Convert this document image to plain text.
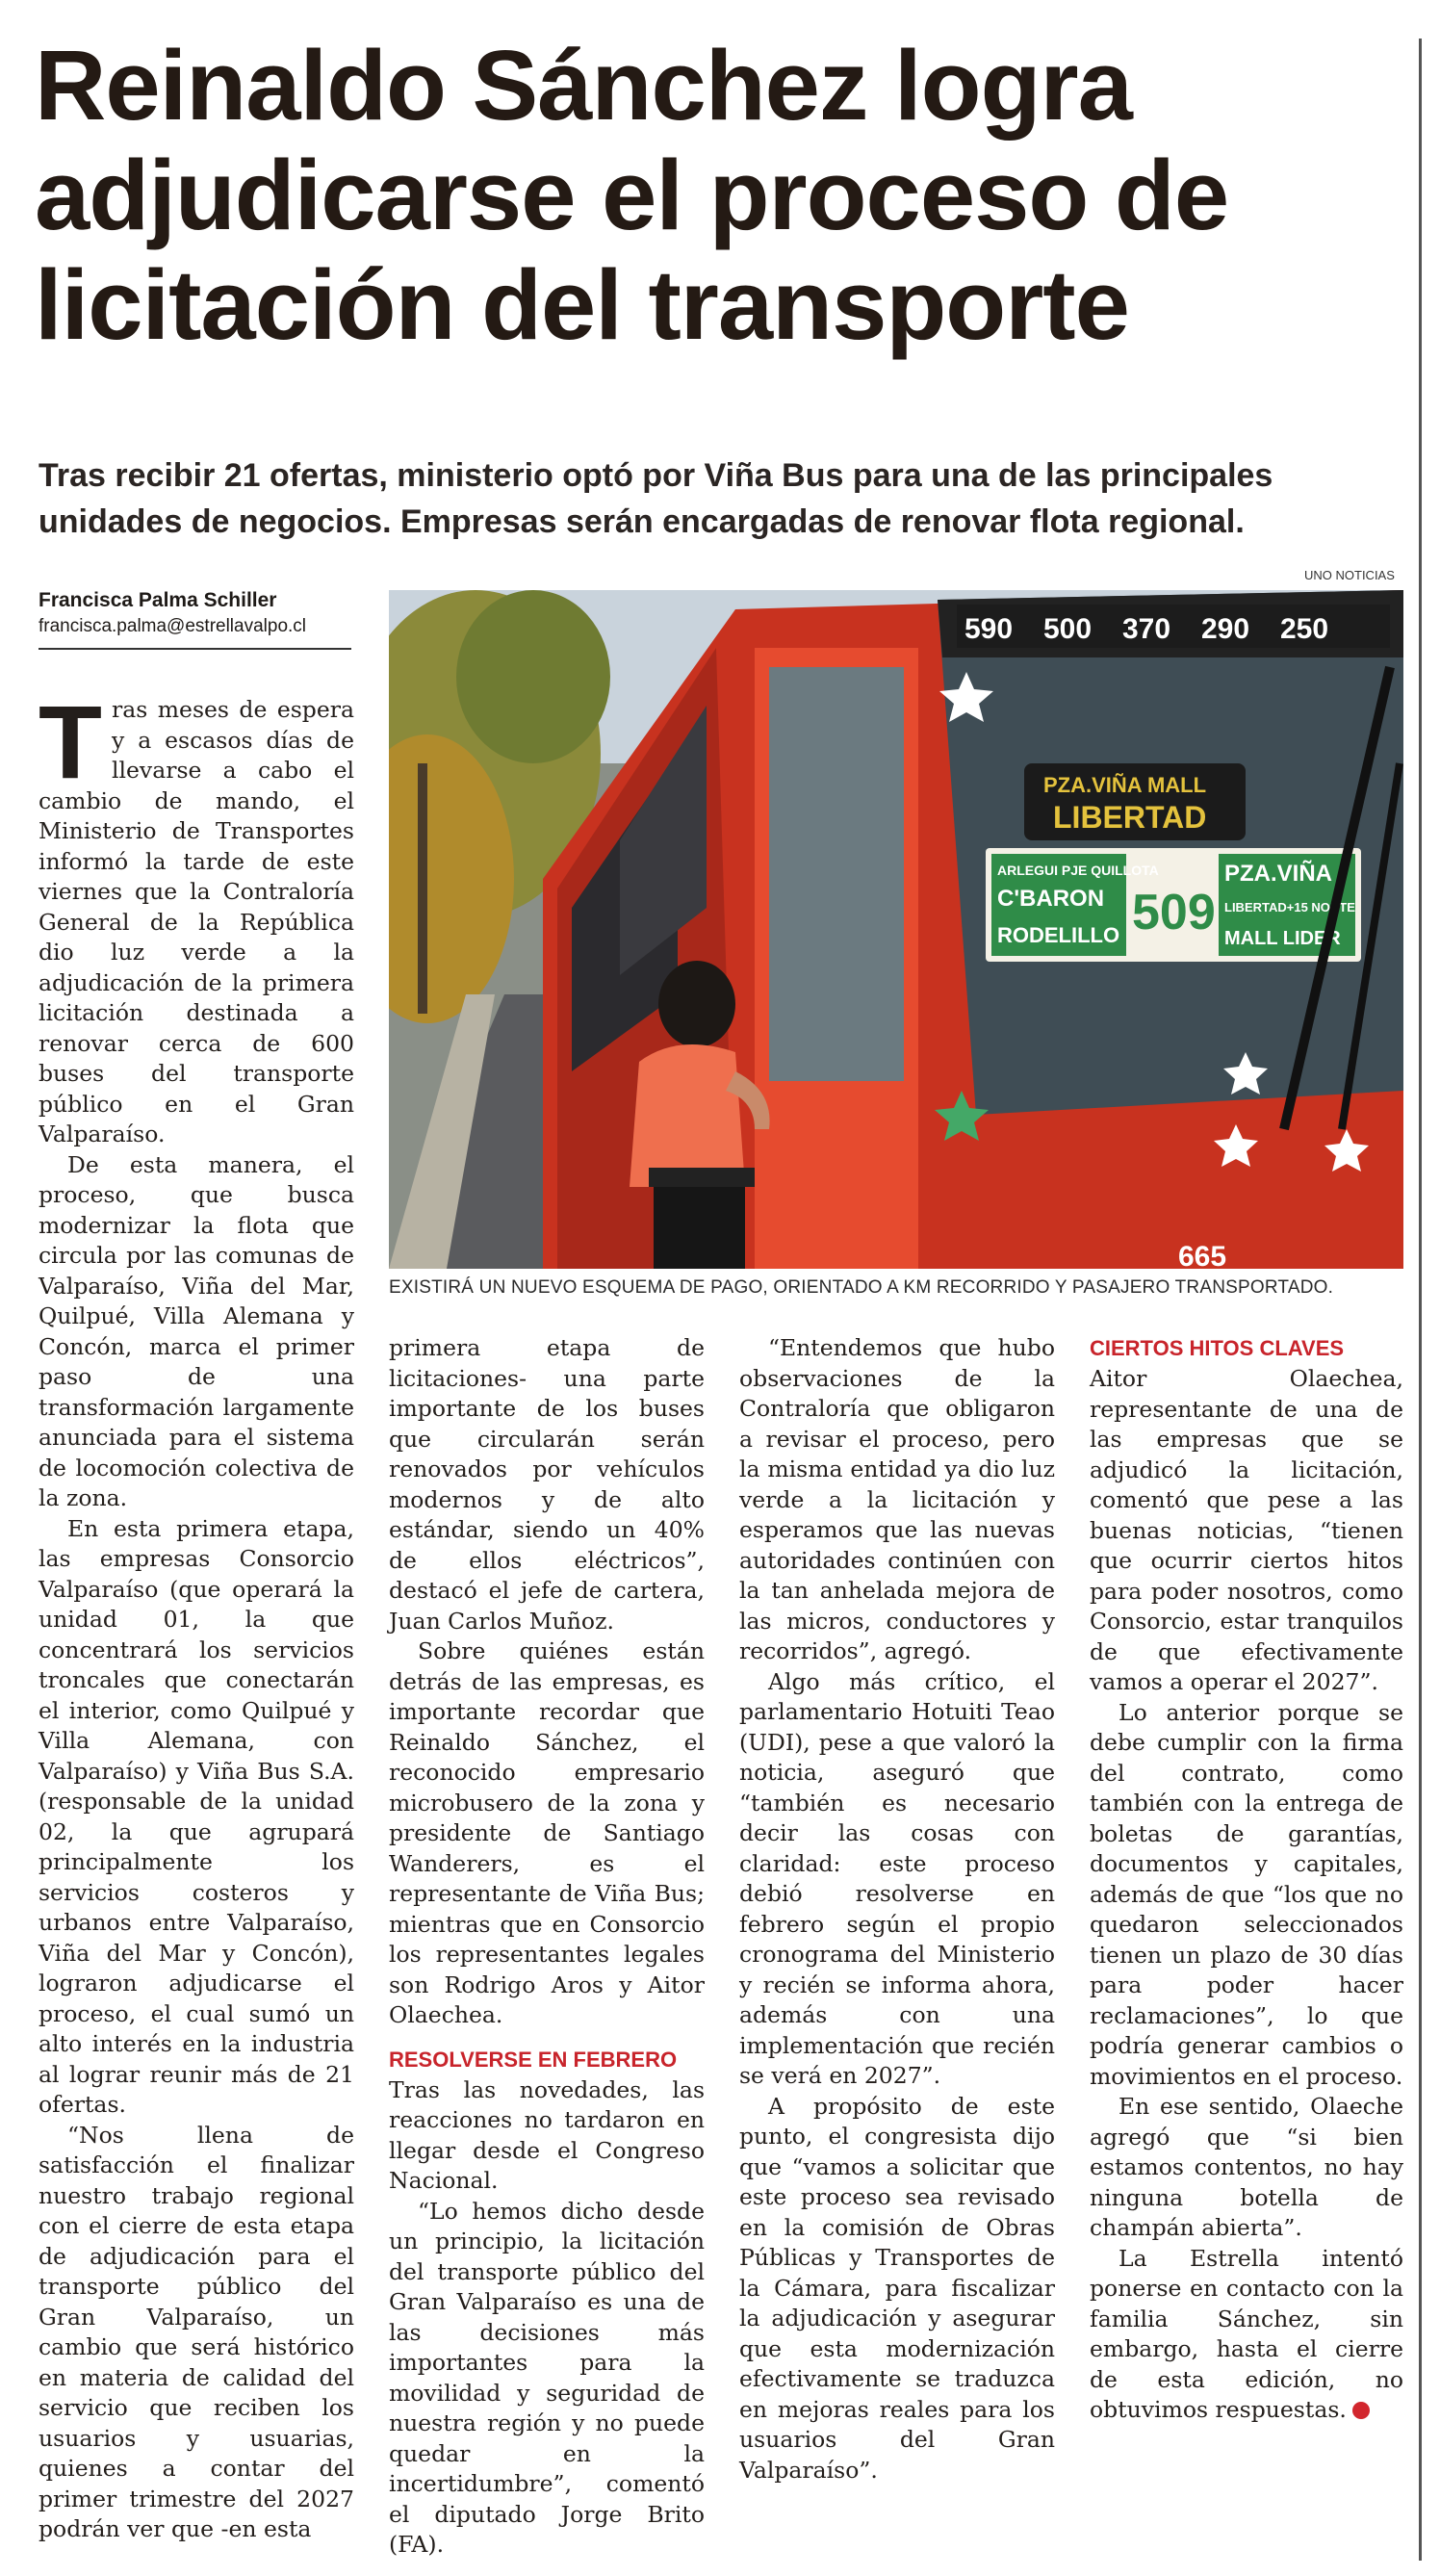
Reinaldo Sánchez logra adjudicarse el proceso de licitación del transporte

Tras recibir 21 ofertas, ministerio optó por Viña Bus para una de las principales unidades de negocios. Empresas serán encargadas de renovar flota regional.

UNO NOTICIAS

Francisca Palma Schiller

francisca.palma@estrellavalpo.cl	590 500 370 290 250
PZA.VIÑA MALL
LIBERTAD
ARLEGUI PJE QUILLOTA
C'BARON
RODELILLO 509
PZA.VIÑA
LIBERTAD+15 NORTE
MALL LIDER
665

EXISTIRÁ UN NUEVO ESQUEMA DE PAGO, ORIENTADO A KM RECORRIDO Y PASAJERO TRANSPORTADO.

Tras meses de espera y a escasos días de llevarse a cabo el cambio de mando, el Ministerio de Transportes informó la tarde de este viernes que la Contraloría General de la República dio luz verde a la adjudicación de la primera licitación destinada a renovar cerca de 600 buses del transporte público en el Gran Valparaíso.

De esta manera, el proceso, que busca modernizar la flota que circula por las comunas de Valparaíso, Viña del Mar, Quilpué, Villa Alemana y Concón, marca el primer paso de una transformación largamente anunciada para el sistema de locomoción colectiva de la zona.

En esta primera etapa, las empresas Consorcio Valparaíso (que operará la unidad 01, la que concentrará los servicios troncales que conectarán el interior, como Quilpué y Villa Alemana, con Valparaíso) y Viña Bus S.A. (responsable de la unidad 02, la que agrupará principalmente los servicios costeros y urbanos entre Valparaíso, Viña del Mar y Concón), lograron adjudicarse el proceso, el cual sumó un alto interés en la industria al lograr reunir más de 21 ofertas.

“Nos llena de satisfacción el finalizar nuestro trabajo regional con el cierre de esta etapa de adjudicación para el transporte público del Gran Valparaíso, un cambio que será histórico en materia de calidad del servicio que reciben los usuarios y usuarias, quienes a contar del primer trimestre del 2027 podrán ver que -en esta

primera etapa de licitaciones- una parte importante de los buses que circularán serán renovados por vehículos modernos y de alto estándar, siendo un 40% de ellos eléctricos”, destacó el jefe de cartera, Juan Carlos Muñoz.

Sobre quiénes están detrás de las empresas, es importante recordar que Reinaldo Sánchez, el reconocido empresario microbusero de la zona y presidente de Santiago Wanderers, es el representante de Viña Bus; mientras que en Consorcio los representantes legales son Rodrigo Aros y Aitor Olaechea.

RESOLVERSE EN FEBRERO

Tras las novedades, las reacciones no tardaron en llegar desde el Congreso Nacional.

“Lo hemos dicho desde un principio, la licitación del transporte público del Gran Valparaíso es una de las decisiones más importantes para la movilidad y seguridad de nuestra región y no puede quedar en la incertidumbre”, comentó el diputado Jorge Brito (FA).

“Entendemos que hubo observaciones de la Contraloría que obligaron a revisar el proceso, pero la misma entidad ya dio luz verde a la licitación y esperamos que las nuevas autoridades continúen con la tan anhelada mejora de las micros, conductores y recorridos”, agregó.

Algo más crítico, el parlamentario Hotuiti Teao (UDI), pese a que valoró la noticia, aseguró que “también es necesario decir las cosas con claridad: este proceso debió resolverse en febrero según el propio cronograma del Ministerio y recién se informa ahora, además con una implementación que recién se verá en 2027”.

A propósito de este punto, el congresista dijo que “vamos a solicitar que este proceso sea revisado en la comisión de Obras Públicas y Transportes de la Cámara, para fiscalizar la adjudicación y asegurar que esta modernización efectivamente se traduzca en mejoras reales para los usuarios del Gran Valparaíso”.

CIERTOS HITOS CLAVES

Aitor Olaechea, representante de una de las empresas que se adjudicó la licitación, comentó que pese a las buenas noticias, “tienen que ocurrir ciertos hitos para poder nosotros, como Consorcio, estar tranquilos de que efectivamente vamos a operar el 2027”.

Lo anterior porque se debe cumplir con la firma del contrato, como también con la entrega de boletas de garantías, documentos y capitales, además de que “los que no quedaron seleccionados tienen un plazo de 30 días para poder hacer reclamaciones”, lo que podría generar cambios o movimientos en el proceso.

En ese sentido, Olaeche agregó que “si bien estamos contentos, no hay ninguna botella de champán abierta”.

La Estrella intentó ponerse en contacto con la familia Sánchez, sin embargo, hasta el cierre de esta edición, no obtuvimos respuestas.	›
